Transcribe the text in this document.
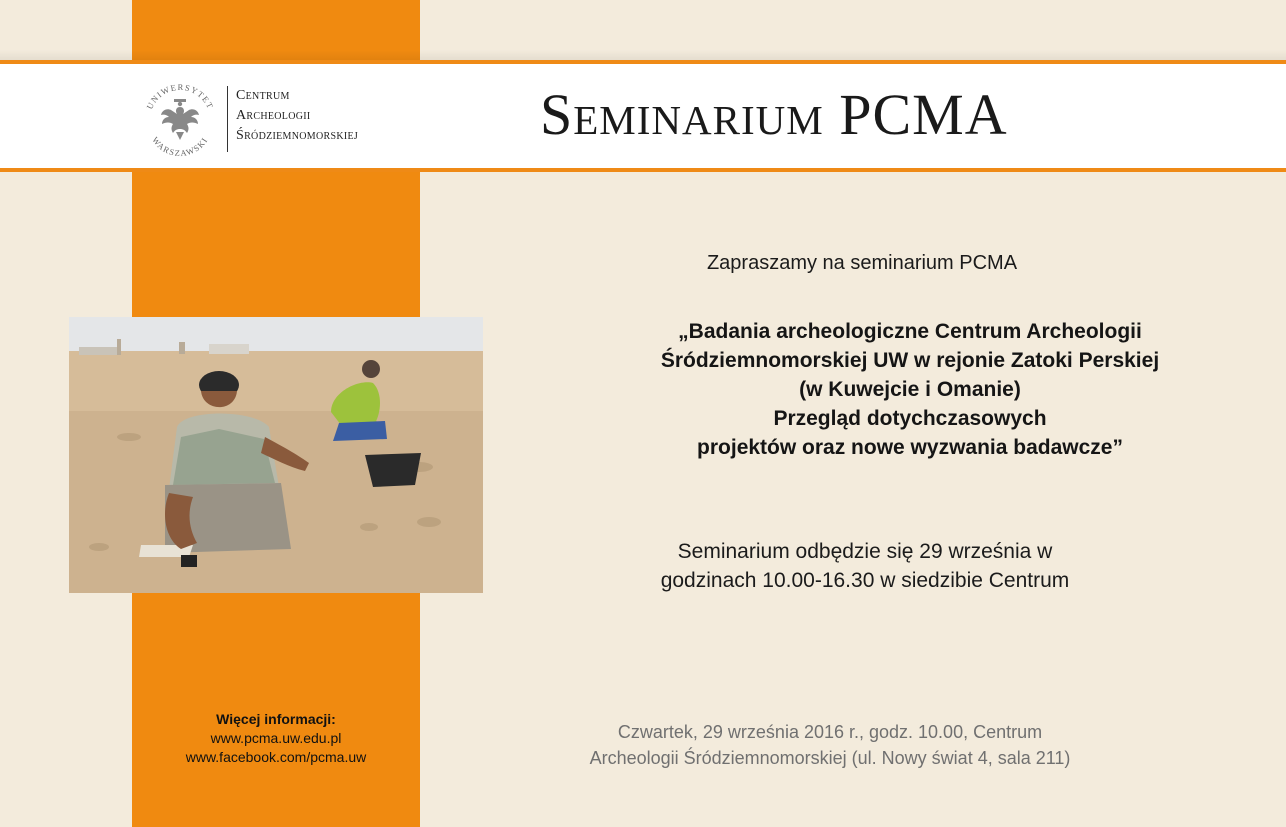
UNIWERSYTET
WARSZAWSKI
Centrum
Archeologii
Śródziemnomorskiej	Seminarium PCMA
Zapraszamy na seminarium PCMA
„Badania archeologiczne Centrum Archeologii
Śródziemnomorskiej UW w rejonie Zatoki Perskiej
(w Kuwejcie i Omanie)
Przegląd dotychczasowych
projektów oraz nowe wyzwania badawcze”
Seminarium odbędzie się 29 września w
godzinach 10.00-16.30 w siedzibie Centrum
Więcej informacji:
www.pcma.uw.edu.pl
www.facebook.com/pcma.uw
Czwartek, 29 września 2016 r., godz. 10.00, Centrum
Archeologii Śródziemnomorskiej (ul. Nowy świat 4, sala 211)
